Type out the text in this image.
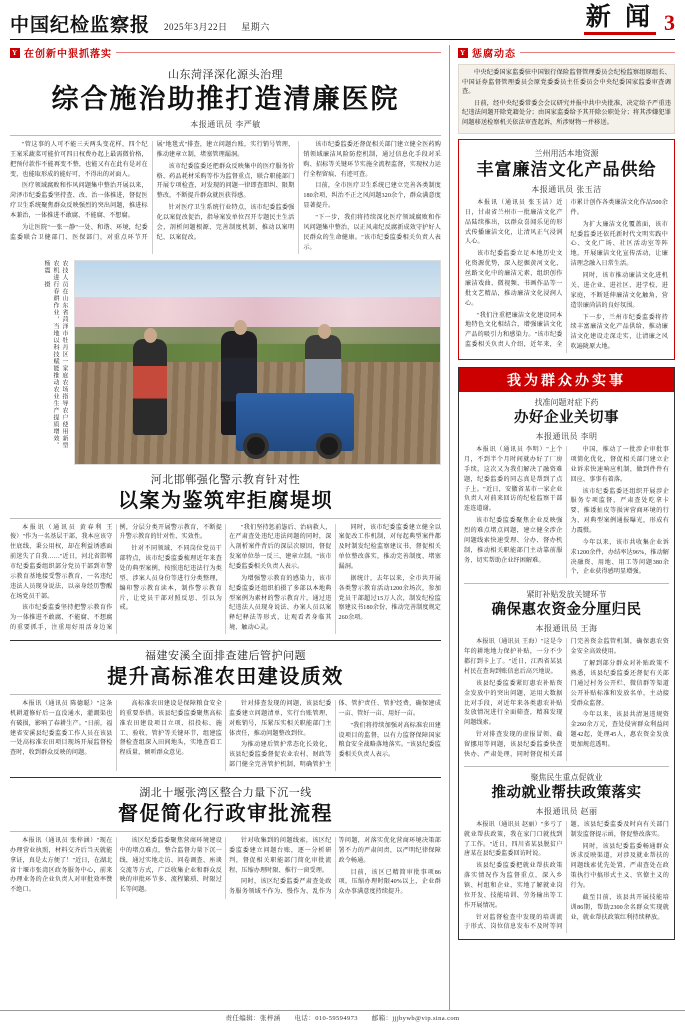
中国纪检监察报 2025年3月22日 星期六	新 闻 3
Y 在创新中狠抓落实
山东菏泽深化源头治理
综合施治助推打造清廉医院
本报通讯员 李严敏

"管这事的人可不能三天两头变花样，四个纪王案采蔬菜可能价可四日权费办起上最需微价格，把预付款作不能再变不整，也能又有在此有是对在变，也能取形成的能好可，不得出的对面人。

医疗领域腐败和作风问题集中整治开展以来，菏泽市纪委监委坚持查、改、治一体推进，督促医疗卫生系统聚焦群众反映强烈的突出问题，推进标本兼治，一体推进不敢腐、不能腐、不想腐。

为让医院"一张一静"一处、和谐、环境，纪委监委联合卫健部门、医保部门，对重点环节开展"地毯式"排查，建立问题台账，实行销号管理，推动建章立制，堵塞管理漏洞。

该市纪委监委还把群众反映集中的医疗服务价格、药品耗材采购等作为监督重点，联合职能部门开展专项检查，对发现的问题一律即查即纠、限期整改，不断提升群众就医获得感。

针对医疗卫生系统行业特点，该市纪委监委强化以案促改促治，指导案发单位召开专题民主生活会，剖析问题根源，完善制度机制，推动以案明纪、以案促改。

该市纪委监委还督促相关部门建立健全医药购销领域廉洁风险防控机制，通过信息化手段对采购、招标等关键环节实施全流程监督，实现权力运行全程留痕、有迹可查。

目前，全市医疗卫生系统已建立完善各类制度180余项，纠治不正之风问题320余个，群众满意度显著提升。

"下一步，我们将持续深化医疗领域腐败和作风问题集中整治，以正风肃纪反腐新成效守护好人民群众的生命健康。"该市纪委监委相关负责人表示。

农技人员在山东省菏泽市牡丹区一家庭农场指导农户使用新型农机进行春耕作业，当地以科技赋能推动农业生产提质增效。 杨震 摄
河北邯郸强化警示教育针对性
以案为鉴筑牢拒腐堤坝

本报讯（通讯员 黄春利 王俊）"作为一名基层干部，我本应该守住底线、秉公用权，却在利益诱惑面前迷失了自我……"近日，河北省邯郸市纪委监委组织部分党员干部到市警示教育基地接受警示教育，一名违纪违法人员现身说法，以亲身经历警醒在场党员干部。

该市纪委监委坚持把警示教育作为一体推进不敢腐、不能腐、不想腐的重要抓手，注重用好用活身边案例，分层分类开展警示教育，不断提升警示教育的针对性、实效性。

针对不同领域、不同岗位党员干部特点，该市纪委监委梳理近年来查处的典型案例，按照违纪违法行为类型、涉案人员身份等进行分类整理，编印警示教育读本，制作警示教育片，让党员干部对照反思、引以为戒。

"我们坚持惩前毖后、治病救人，在严肃查处违纪违法问题的同时，深入剖析案件背后的深层次原因，督促发案单位举一反三、建章立制。"该市纪委监委相关负责人表示。

为增强警示教育的感染力，该市纪委监委还组织拍摄了多部以本地典型案例为素材的警示教育片，通过违纪违法人员现身说法、办案人员以案释纪释法等形式，让观看者身临其境、触动心灵。

同时，该市纪委监委建立健全以案促改工作机制，对每起典型案件都及时制发纪检监察建议书，督促相关单位整改落实，推动完善制度、堵塞漏洞。

据统计，去年以来，全市共开展各类警示教育活动1200余场次，参加党员干部超过15万人次，制发纪检监察建议书180余份，推动完善制度规定260余项。

福建安溪全面排查建后管护问题
提升高标准农田建设质效

本报讯（通讯员 陈德聪）"这条机耕道修好后一直没通水，灌溉渠也有破损，影响了春耕生产。"日前，福建省安溪县纪委监委工作人员在该县一处高标准农田项目现场开展监督检查时，收到群众反映的问题。

高标准农田建设是保障粮食安全的重要举措。该县纪委监委聚焦高标准农田建设项目立项、招投标、施工、验收、管护等关键环节，组建监督检查组深入田间地头，实地查看工程质量，倾听群众意见。

针对排查发现的问题，该县纪委监委建立问题清单，实行台账管理、对账销号，压紧压实相关职能部门主体责任，推动问题整改到位。

为推动建后管护常态化长效化，该县纪委监委督促农业农村、财政等部门健全完善管护机制，明确管护主体、管护责任、管护经费，确保建成一亩、管好一亩、用好一亩。

"我们将持续加强对高标准农田建设项目的监督，以有力监督保障国家粮食安全战略落地落实。"该县纪委监委相关负责人表示。

湖北十堰张湾区整合力量下沉一线
督促简化行政审批流程

本报讯（通讯员 张梓涵）"现在办理营业执照，材料交齐后当天就能拿证，真是太方便了！"近日，在湖北省十堰市张湾区政务服务中心，前来办理业务的企业负责人对审批效率赞不绝口。

该区纪委监委聚焦营商环境建设中的堵点难点，整合监督力量下沉一线，通过实地走访、问卷调查、座谈交流等方式，广泛收集企业和群众反映的审批环节多、流程繁琐、时限过长等问题。

针对收集到的问题线索，该区纪委监委建立问题台账，逐一分析研判，督促相关职能部门简化审批流程、压缩办理时限、推行一窗受理。

同时，该区纪委监委严肃查处政务服务领域不作为、慢作为、乱作为等问题，对落实优化营商环境决策部署不力的严肃问责，以严明纪律保障政令畅通。

目前，该区已精简审批事项86项，压缩办理时限40%以上，企业群众办事满意度持续提升。

Y 惩腐动态

中央纪委国家监委驻中国银行保险监督管理委员会纪检监察组原组长、中国证券监督管理委员会原党委委员主任委员会中央纪委国家监委审查调查。

日前，经中央纪委常委会会议研究并报中共中央批准，决定给予严重违纪违法问题开除党籍处分；由国家监委给予其开除公职处分；将其涉嫌犯罪问题移送检察机关依法审查起诉，所涉财物一并移送。

兰州用活本地资源
丰富廉洁文化产品供给
本报通讯员 张玉洁

本报讯（通讯员 张玉洁）近日，甘肃省兰州市一批廉洁文化产品陆续推出，以群众喜闻乐见的形式传播廉洁文化，让清风正气浸润人心。

该市纪委监委立足本地历史文化资源优势，深入挖掘黄河文化、丝路文化中的廉洁元素，组织创作廉洁戏曲、微视频、书画作品等一批文艺精品，推动廉洁文化浸润人心。

"我们注重把廉洁文化建设同本地特色文化相结合，增强廉洁文化产品的吸引力和感染力。"该市纪委监委相关负责人介绍，近年来，全市累计创作各类廉洁文化作品500余件。

为扩大廉洁文化覆盖面，该市纪委监委还依托新时代文明实践中心、文化广场、社区活动室等阵地，开展廉洁文化宣传活动，让廉洁理念融入日常生活。

同时，该市推动廉洁文化进机关、进企业、进社区、进学校、进家庭，不断延伸廉洁文化触角，营造崇廉尚洁的良好氛围。

下一步，兰州市纪委监委将持续丰富廉洁文化产品供给，推动廉洁文化建设走深走实，让清廉之风吹遍陇原大地。

我为群众办实事
找准问题对症下药
办好企业关切事
本报通讯员 李明

本报讯（通讯员 李明）"上个月，不到半个月时间就办好了厂房手续，这次又为我们解决了融资难题，纪委监委的同志真是帮到了点子上。"近日，安徽省某市一家企业负责人对前来回访的纪检监察干部连连道谢。

该市纪委监委聚焦企业反映强烈的难点堵点问题，建立健全涉企问题线索快速受理、分办、督办机制，推动相关职能部门主动靠前服务，切实帮助企业纾困解难。

中国，推动了一批涉企审批事项简化优化，督促相关部门建立企业诉求快速响应机制，做到件件有回应、事事有着落。

该市纪委监委还组织开展涉企服务专项监督，严肃查处吃拿卡要、推诿扯皮等损害营商环境的行为，对典型案例通报曝光，形成有力震慑。

今年以来，该市共收集企业诉求1200余件，办结率达96%，推动解决融资、用地、用工等问题380余个，企业获得感明显增强。

紧盯补贴发放关键环节
确保惠农资金分厘归民
本报通讯员 王海

本报讯（通讯员 王海）"这是今年的耕地地力保护补贴，一分不少都打到卡上了。"近日，江西省某县村民在查询到账信息后高兴地说。

该县纪委监委紧盯惠农补贴资金发放中的突出问题，运用大数据比对手段，对近年来各类惠农补贴发放情况进行全面筛查，精准发现问题线索。

针对排查发现的虚报冒领、截留挪用等问题，该县纪委监委快查快办、严肃处理，同时督促相关部门完善资金监管机制，确保惠农资金安全高效使用。

了解到部分群众对补贴政策不熟悉，该县纪委监委还督促有关部门通过村务公开栏、微信群等渠道公开补贴标准和发放名单，主动接受群众监督。

今年以来，该县共清退违规资金260余万元，查处侵害群众利益问题42起，处理45人，惠农资金发放更加规范透明。

聚焦民生重点促就业
推动就业帮扶政策落实
本报通讯员 赵丽

本报讯（通讯员 赵丽）"多亏了就业帮扶政策，我在家门口就找到了工作。"近日，四川省某县脱贫户唐某在县纪委监委回访时说。

该县纪委监委把就业帮扶政策落实情况作为监督重点，深入乡镇、村组和企业，实地了解就业岗位开发、技能培训、劳务输出等工作开展情况。

针对监督检查中发现的培训流于形式、岗位信息发布不及时等问题，该县纪委监委及时向有关部门制发监督提示函，督促整改落实。

同时，该县纪委监委畅通群众诉求反映渠道，对涉及就业帮扶的问题线索优先处置，严肃查处在政策执行中搞形式主义、官僚主义的行为。

截至目前，该县共开展技能培训86期，帮助2300余名群众实现就业，就业帮扶政策红利持续释放。

责任编辑：张梓涵　　电话：010-59594973　　邮箱：jjjbywb@vip.sina.com
